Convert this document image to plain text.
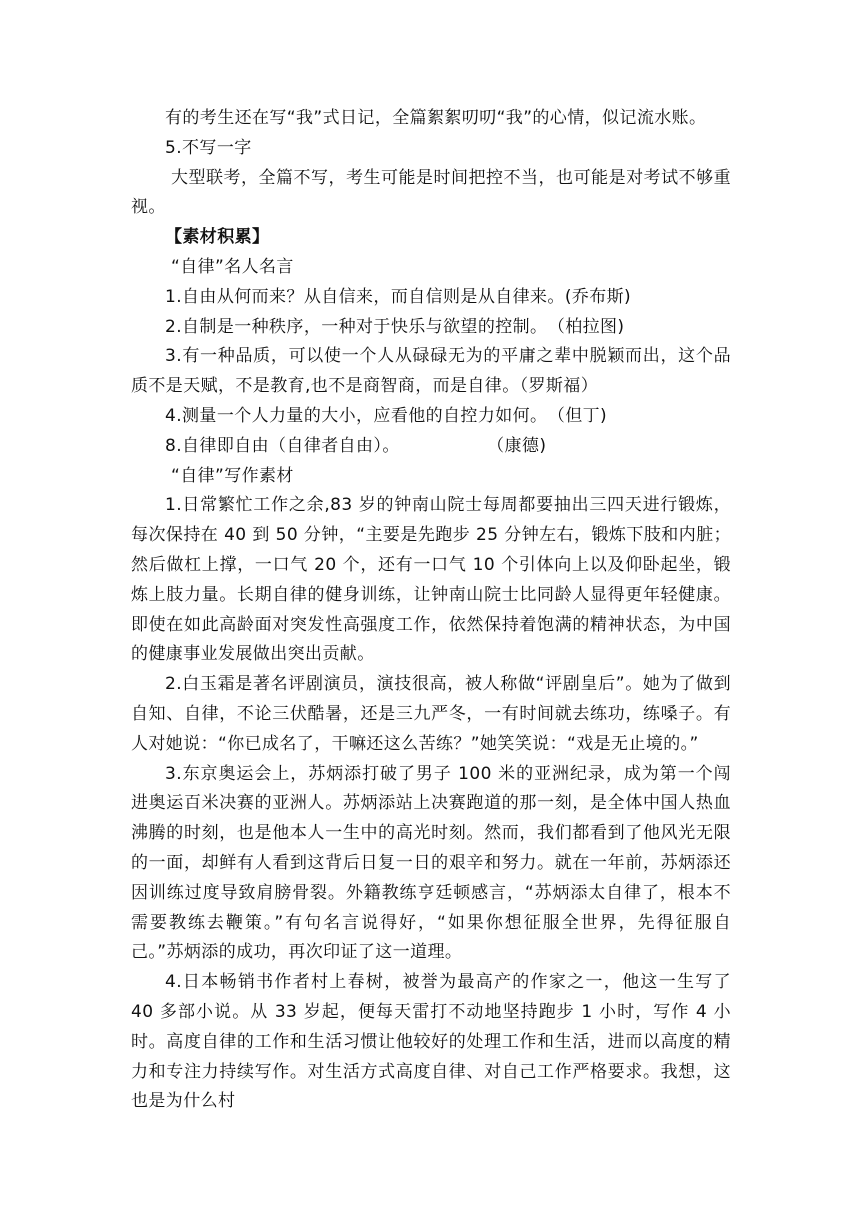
有的考生还在写“我”式日记，全篇絮絮叨叨“我”的心情，似记流水账。

5.不写一字

大型联考，全篇不写，考生可能是时间把控不当，也可能是对考试不够重视。

【素材积累】

“自律”名人名言

1.自由从何而来？从自信来，而自信则是从自律来。(乔布斯)

2.自制是一种秩序，一种对于快乐与欲望的控制。　（柏拉图)

3.有一种品质，可以使一个人从碌碌无为的平庸之辈中脱颖而出，这个品质不是天赋，不是教育,也不是商智商，而是自律。（罗斯福）

4.测量一个人力量的大小，应看他的自控力如何。　（但丁)

8.自律即自由（自律者自由）。　　　　　　（康德)

“自律”写作素材

1.日常繁忙工作之余,83 岁的钟南山院士每周都要抽出三四天进行锻炼，每次保持在 40 到 50 分钟，“主要是先跑步 25 分钟左右，锻炼下肢和内脏；然后做杠上撑，一口气 20 个，还有一口气 10 个引体向上以及仰卧起坐，锻炼上肢力量。长期自律的健身训练，让钟南山院士比同龄人显得更年轻健康。即使在如此高龄面对突发性高强度工作，依然保持着饱满的精神状态，为中国的健康事业发展做出突出贡献。

2.白玉霜是著名评剧演员，演技很高，被人称做“评剧皇后”。她为了做到自知、自律，不论三伏酷暑，还是三九严冬，一有时间就去练功，练嗓子。有人对她说：“你已成名了，干嘛还这么苦练？”她笑笑说：“戏是无止境的。”

3.东京奥运会上，苏炳添打破了男子 100 米的亚洲纪录，成为第一个闯进奥运百米决赛的亚洲人。苏炳添站上决赛跑道的那一刻，是全体中国人热血沸腾的时刻，也是他本人一生中的高光时刻。然而，我们都看到了他风光无限的一面，却鲜有人看到这背后日复一日的艰辛和努力。就在一年前，苏炳添还因训练过度导致肩膀骨裂。外籍教练亨廷顿感言，“苏炳添太自律了，根本不需要教练去鞭策。”有句名言说得好，“如果你想征服全世界，先得征服自己。”苏炳添的成功，再次印证了这一道理。

4.日本畅销书作者村上春树，被誉为最高产的作家之一，他这一生写了 40 多部小说。从 33 岁起，便每天雷打不动地坚持跑步 1 小时，写作 4 小时。高度自律的工作和生活习惯让他较好的处理工作和生活，进而以高度的精力和专注力持续写作。对生活方式高度自律、对自己工作严格要求。我想，这也是为什么村
